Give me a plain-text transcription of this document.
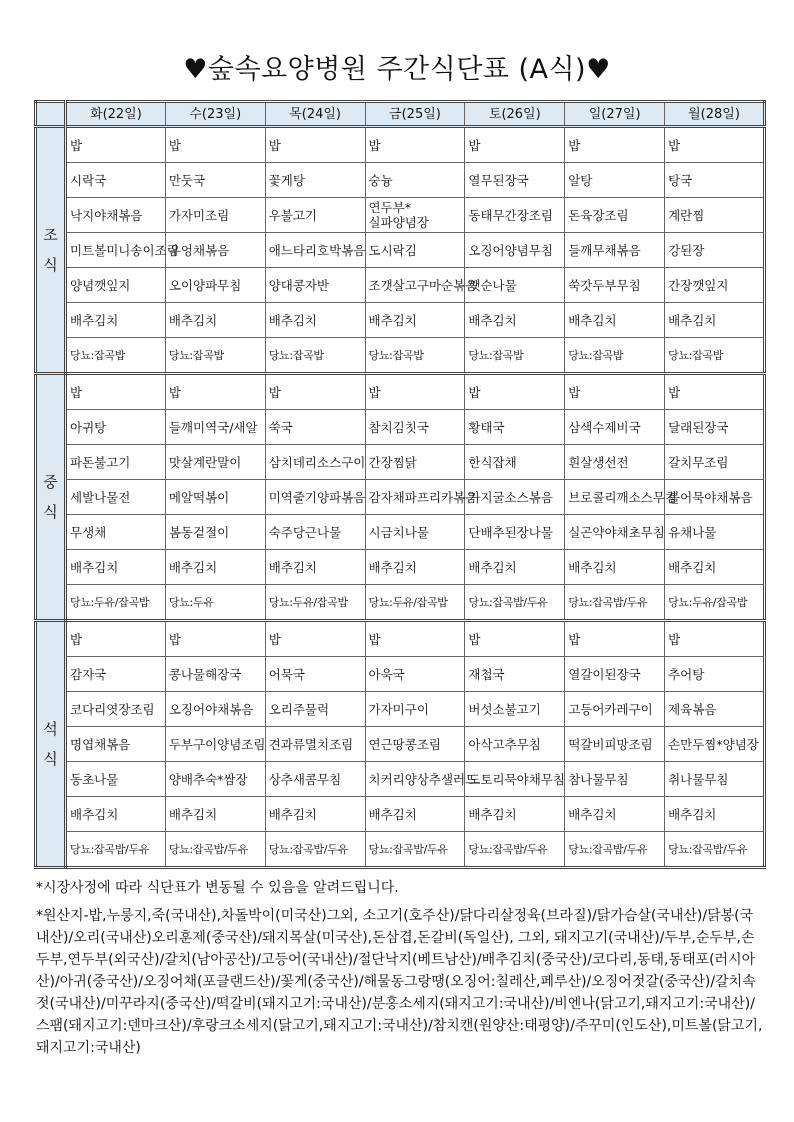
♥숲속요양병원 주간식단표 (A식)♥
	화(22일)	수(23일)	목(24일)	금(25일)	토(26일)	일(27일)	월(28일)
조
식	밥	밥	밥	밥	밥	밥	밥
	시락국	만둣국	꽃게탕	숭늉	열무된장국	알탕	탕국
	낙지야채볶음	가자미조림	우불고기	연두부*실파양념장	동태무간장조림	돈육장조림	계란찜
	미트볼미니송이조림	우엉채볶음	애느타리호박볶음	도시락김	오징어양념무침	들깨무채볶음	강된장
	양념깻잎지	오이양파무침	양대콩자반	조갯살고구마순볶음	깻순나물	쑥갓두부무침	간장깻잎지
	배추김치	배추김치	배추김치	배추김치	배추김치	배추김치	배추김치
	당뇨:잡곡밥	당뇨:잡곡밥	당뇨:잡곡밥	당뇨:잡곡밥	당뇨:잡곡밥	당뇨:잡곡밥	당뇨:잡곡밥
중
식	밥	밥	밥	밥	밥	밥	밥
	아귀탕	들깨미역국/새알	쑥국	참치김칫국	황태국	삼색수제비국	달래된장국
	파돈불고기	맛살계란말이	삼치데리소스구이	간장찜닭	한식잡채	흰살생선전	갈치무조림
	세발나물전	메알떡볶이	미역줄기양파볶음	감자채파프리카볶음	가지굴소스볶음	브로콜리깨소스무침	볼어묵야채볶음
	무생채	봄동겉절이	숙주당근나물	시금치나물	단배추된장나물	실곤약야채초무침	유채나물
	배추김치	배추김치	배추김치	배추김치	배추김치	배추김치	배추김치
	당뇨:두유/잡곡밥	당뇨:두유	당뇨:두유/잡곡밥	당뇨:두유/잡곡밥	당뇨:잡곡밥/두유	당뇨:잡곡밥/두유	당뇨:두유/잡곡밥
석
식	밥	밥	밥	밥	밥	밥	밥
	감자국	콩나물해장국	어묵국	아욱국	재첩국	열갈이된장국	추어탕
	코다리엿장조림	오징어야채볶음	오리주물럭	가자미구이	버섯소불고기	고등어카레구이	제육볶음
	명엽채볶음	두부구이양념조림	견과류멸치조림	연근땅콩조림	아삭고추무침	떡갈비피망조림	손만두찜*양념장
	동초나물	양배추숙*쌈장	상추새콤무침	치커리양상추샐러드	도토리묵야채무침	참나물무침	취나물무침
	배추김치	배추김치	배추김치	배추김치	배추김치	배추김치	배추김치
	당뇨:잡곡밥/두유	당뇨:잡곡밥/두유	당뇨:잡곡밥/두유	당뇨:잡곡밥/두유	당뇨:잡곡밥/두유	당뇨:잡곡밥/두유	당뇨:잡곡밥/두유

*시장사정에 따라 식단표가 변동될 수 있음을 알려드립니다.

*원산지-밥,누룽지,죽(국내산),차돌박이(미국산)그외, 소고기(호주산)/닭다리살정육(브라질)/닭가슴살(국내산)/닭봉(국내산)/오리(국내산)오리훈제(중국산)/돼지목살(미국산),돈삼겹,돈갈비(독일산), 그외, 돼지고기(국내산)/두부,순두부,손두부,연두부(외국산)/갈치(남아공산)/고등어(국내산)/절단낙지(베트남산)/배추김치(중국산)/코다리,동태,동태포(러시아산)/아귀(중국산)/오징어채(포클랜드산)/꽃게(중국산)/해물동그랑땡(오징어:칠레산,페루산)/오징어젓갈(중국산)/갈치속젓(국내산)/미꾸라지(중국산)/떡갈비(돼지고기:국내산)/분홍소세지(돼지고기:국내산)/비엔나(닭고기,돼지고기:국내산)/스팸(돼지고기:덴마크산)/후랑크소세지(닭고기,돼지고기:국내산)/참치캔(원양산:태평양)/주꾸미(인도산),미트볼(닭고기,돼지고기:국내산)
